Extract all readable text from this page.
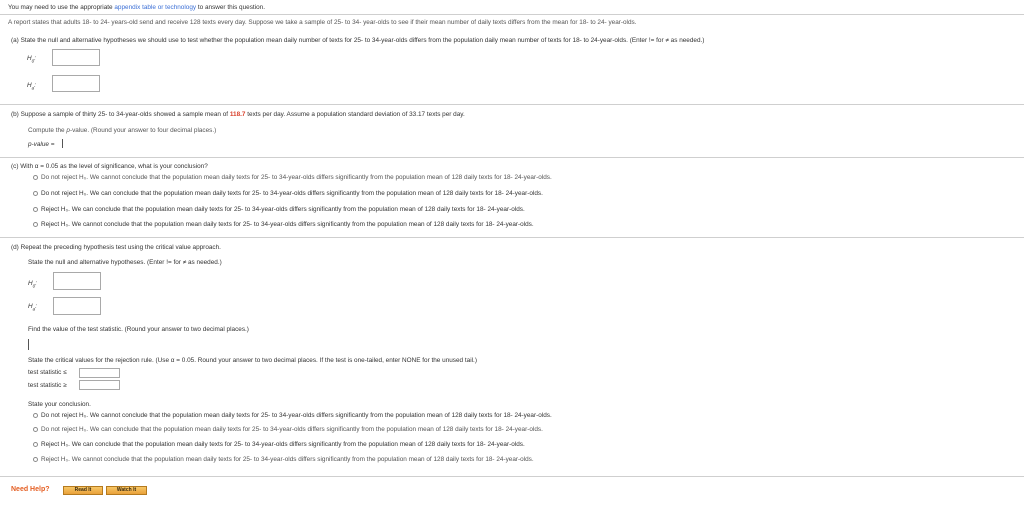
You may need to use the appropriate appendix table or technology to answer this question.
A report states that adults 18- to 24- years-old send and receive 128 texts every day. Suppose we take a sample of 25- to 34- year-olds to see if their mean number of daily texts differs from the mean for 18- to 24- year-olds.
(a) State the null and alternative hypotheses we should use to test whether the population mean daily number of texts for 25- to 34-year-olds differs from the population daily mean number of texts for 18- to 24-year-olds. (Enter != for ≠ as needed.)
$H_0$:
$H_a$:
(b) Suppose a sample of thirty 25- to 34-year-olds showed a sample mean of 118.7 texts per day. Assume a population standard deviation of 33.17 texts per day.
Compute the p-value. (Round your answer to four decimal places.)
p-value =
(c) With α = 0.05 as the level of significance, what is your conclusion?
Do not reject H₀. We cannot conclude that the population mean daily texts for 25- to 34-year-olds differs significantly from the population mean of 128 daily texts for 18- 24-year-olds.
Do not reject H₀. We can conclude that the population mean daily texts for 25- to 34-year-olds differs significantly from the population mean of 128 daily texts for 18- 24-year-olds.
Reject H₀. We can conclude that the population mean daily texts for 25- to 34-year-olds differs significantly from the population mean of 128 daily texts for 18- 24-year-olds.
Reject H₀. We cannot conclude that the population mean daily texts for 25- to 34-year-olds differs significantly from the population mean of 128 daily texts for 18- 24-year-olds.
(d) Repeat the preceding hypothesis test using the critical value approach.
State the null and alternative hypotheses. (Enter != for ≠ as needed.)
$H_0$:
$H_a$:
Find the value of the test statistic. (Round your answer to two decimal places.)
State the critical values for the rejection rule. (Use α = 0.05. Round your answer to two decimal places. If the test is one-tailed, enter NONE for the unused tail.)
test statistic ≤
test statistic ≥
State your conclusion.
Do not reject H₀. We cannot conclude that the population mean daily texts for 25- to 34-year-olds differs significantly from the population mean of 128 daily texts for 18- 24-year-olds.
Do not reject H₀. We can conclude that the population mean daily texts for 25- to 34-year-olds differs significantly from the population mean of 128 daily texts for 18- 24-year-olds.
Reject H₀. We can conclude that the population mean daily texts for 25- to 34-year-olds differs significantly from the population mean of 128 daily texts for 18- 24-year-olds.
Reject H₀. We cannot conclude that the population mean daily texts for 25- to 34-year-olds differs significantly from the population mean of 128 daily texts for 18- 24-year-olds.
Need Help?	Read It	Watch It
